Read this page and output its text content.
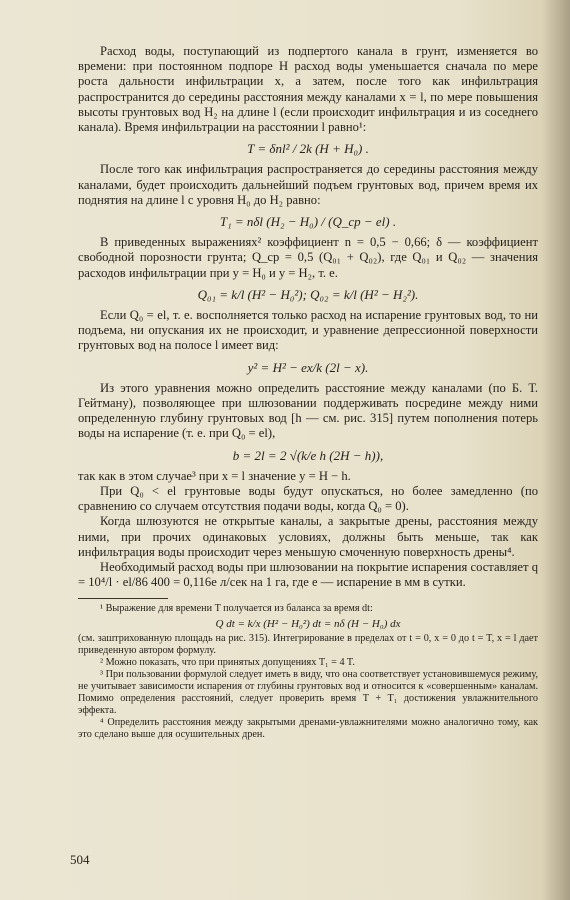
Расход воды, поступающий из подпертого канала в грунт, изменяется во времени: при постоянном подпоре H расход воды уменьшается сначала по мере роста дальности инфильтрации x, а затем, после того как инфильтрация распространится до середины расстояния между каналами x = l, по мере повышения высоты грунтовых вод H₂ на длине l (если происходит инфильтрация и из соседнего канала). Время инфильтрации на расстоянии l равно¹:

T = δnl² / 2k (H + H₀) .

После того как инфильтрация распространяется до середины расстояния между каналами, будет происходить дальнейший подъем грунтовых вод, причем время их поднятия на длине l с уровня H₀ до H₂ равно:

T₁ = nδl (H₂ − H₀) / (Q_ср − el) .

В приведенных выражениях² коэффициент n = 0,5 − 0,66; δ — коэффициент свободной порозности грунта; Q_ср = 0,5 (Q₀₁ + Q₀₂), где Q₀₁ и Q₀₂ — значения расходов инфильтрации при y = H₀ и y = H₂, т. е.

Q₀₁ = k/l (H² − H₀²); Q₀₂ = k/l (H² − H₂²).

Если Q₀ = el, т. е. восполняется только расход на испарение грунтовых вод, то ни подъема, ни опускания их не происходит, и уравнение депрессионной поверхности грунтовых вод на полосе l имеет вид:

y² = H² − ex/k (2l − x).

Из этого уравнения можно определить расстояние между каналами (по Б. Т. Гейтману), позволяющее при шлюзовании поддерживать посредине между ними определенную глубину грунтовых вод [h — см. рис. 315] путем пополнения потерь воды на испарение (т. е. при Q₀ = el),

b = 2l = 2 √(k/e h (2H − h)),

так как в этом случае³ при x = l значение y = H − h.

При Q₀ < el грунтовые воды будут опускаться, но более замедленно (по сравнению со случаем отсутствия подачи воды, когда Q₀ = 0).

Когда шлюзуются не открытые каналы, а закрытые дрены, расстояния между ними, при прочих одинаковых условиях, должны быть меньше, так как инфильтрация воды происходит через меньшую смоченную поверхность дрены⁴.

Необходимый расход воды при шлюзовании на покрытие испарения составляет q = 10⁴/l · el/86 400 = 0,116e л/сек на 1 га, где e — испарение в мм в сутки.

¹ Выражение для времени T получается из баланса за время dt:

Q dt = k/x (H² − H₀²) dt = nδ (H − H₀) dx

(см. заштрихованную площадь на рис. 315). Интегрирование в пределах от t = 0, x = 0 до t = T, x = l дает приведенную автором формулу.

² Можно показать, что при принятых допущениях T₁ = 4 T.

³ При пользовании формулой следует иметь в виду, что она соответствует установившемуся режиму, не учитывает зависимости испарения от глубины грунтовых вод и относится к «совершенным» каналам. Помимо определения расстояний, следует проверить время T + T₁ достижения увлажнительного эффекта.

⁴ Определить расстояния между закрытыми дренами-увлажнителями можно аналогично тому, как это сделано выше для осушительных дрен.

504
